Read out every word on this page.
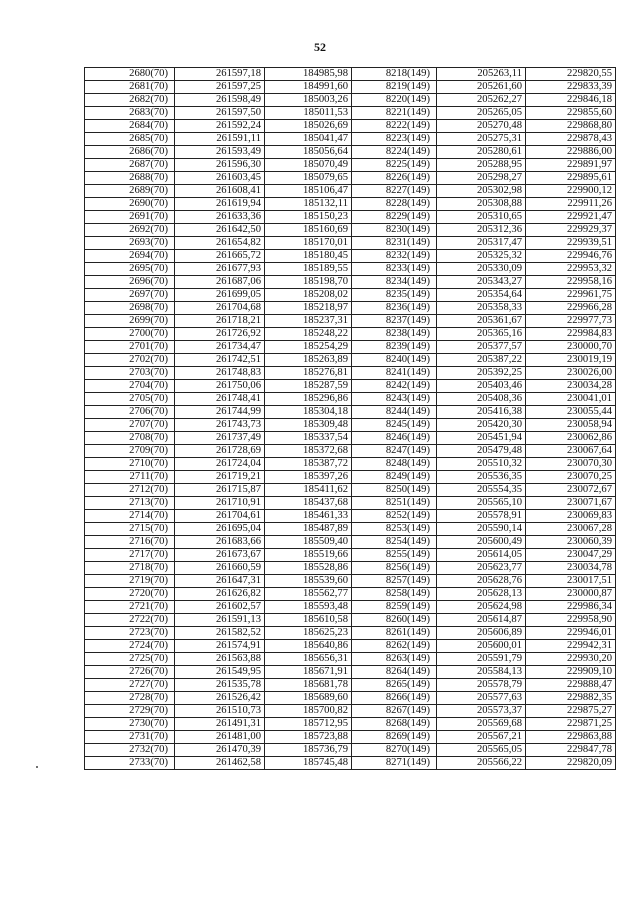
52
2680(70)	261597,18	184985,98	8218(149)	205263,11	229820,55
2681(70)	261597,25	184991,60	8219(149)	205261,60	229833,39
2682(70)	261598,49	185003,26	8220(149)	205262,27	229846,18
2683(70)	261597,50	185011,53	8221(149)	205265,05	229855,60
2684(70)	261592,24	185026,69	8222(149)	205270,48	229868,80
2685(70)	261591,11	185041,47	8223(149)	205275,31	229878,43
2686(70)	261593,49	185056,64	8224(149)	205280,61	229886,00
2687(70)	261596,30	185070,49	8225(149)	205288,95	229891,97
2688(70)	261603,45	185079,65	8226(149)	205298,27	229895,61
2689(70)	261608,41	185106,47	8227(149)	205302,98	229900,12
2690(70)	261619,94	185132,11	8228(149)	205308,88	229911,26
2691(70)	261633,36	185150,23	8229(149)	205310,65	229921,47
2692(70)	261642,50	185160,69	8230(149)	205312,36	229929,37
2693(70)	261654,82	185170,01	8231(149)	205317,47	229939,51
2694(70)	261665,72	185180,45	8232(149)	205325,32	229946,76
2695(70)	261677,93	185189,55	8233(149)	205330,09	229953,32
2696(70)	261687,06	185198,70	8234(149)	205343,27	229958,16
2697(70)	261699,05	185208,02	8235(149)	205354,64	229961,75
2698(70)	261704,68	185218,97	8236(149)	205358,33	229966,28
2699(70)	261718,21	185237,31	8237(149)	205361,67	229977,73
2700(70)	261726,92	185248,22	8238(149)	205365,16	229984,83
2701(70)	261734,47	185254,29	8239(149)	205377,57	230000,70
2702(70)	261742,51	185263,89	8240(149)	205387,22	230019,19
2703(70)	261748,83	185276,81	8241(149)	205392,25	230026,00
2704(70)	261750,06	185287,59	8242(149)	205403,46	230034,28
2705(70)	261748,41	185296,86	8243(149)	205408,36	230041,01
2706(70)	261744,99	185304,18	8244(149)	205416,38	230055,44
2707(70)	261743,73	185309,48	8245(149)	205420,30	230058,94
2708(70)	261737,49	185337,54	8246(149)	205451,94	230062,86
2709(70)	261728,69	185372,68	8247(149)	205479,48	230067,64
2710(70)	261724,04	185387,72	8248(149)	205510,32	230070,30
2711(70)	261719,21	185397,26	8249(149)	205536,35	230070,25
2712(70)	261715,87	185411,62	8250(149)	205554,35	230072,67
2713(70)	261710,91	185437,68	8251(149)	205565,10	230071,67
2714(70)	261704,61	185461,33	8252(149)	205578,91	230069,83
2715(70)	261695,04	185487,89	8253(149)	205590,14	230067,28
2716(70)	261683,66	185509,40	8254(149)	205600,49	230060,39
2717(70)	261673,67	185519,66	8255(149)	205614,05	230047,29
2718(70)	261660,59	185528,86	8256(149)	205623,77	230034,78
2719(70)	261647,31	185539,60	8257(149)	205628,76	230017,51
2720(70)	261626,82	185562,77	8258(149)	205628,13	230000,87
2721(70)	261602,57	185593,48	8259(149)	205624,98	229986,34
2722(70)	261591,13	185610,58	8260(149)	205614,87	229958,90
2723(70)	261582,52	185625,23	8261(149)	205606,89	229946,01
2724(70)	261574,91	185640,86	8262(149)	205600,01	229942,31
2725(70)	261563,88	185656,31	8263(149)	205591,79	229930,20
2726(70)	261549,95	185671,91	8264(149)	205584,13	229909,10
2727(70)	261535,78	185681,78	8265(149)	205578,79	229888,47
2728(70)	261526,42	185689,60	8266(149)	205577,63	229882,35
2729(70)	261510,73	185700,82	8267(149)	205573,37	229875,27
2730(70)	261491,31	185712,95	8268(149)	205569,68	229871,25
2731(70)	261481,00	185723,88	8269(149)	205567,21	229863,88
2732(70)	261470,39	185736,79	8270(149)	205565,05	229847,78
2733(70)	261462,58	185745,48	8271(149)	205566,22	229820,09
